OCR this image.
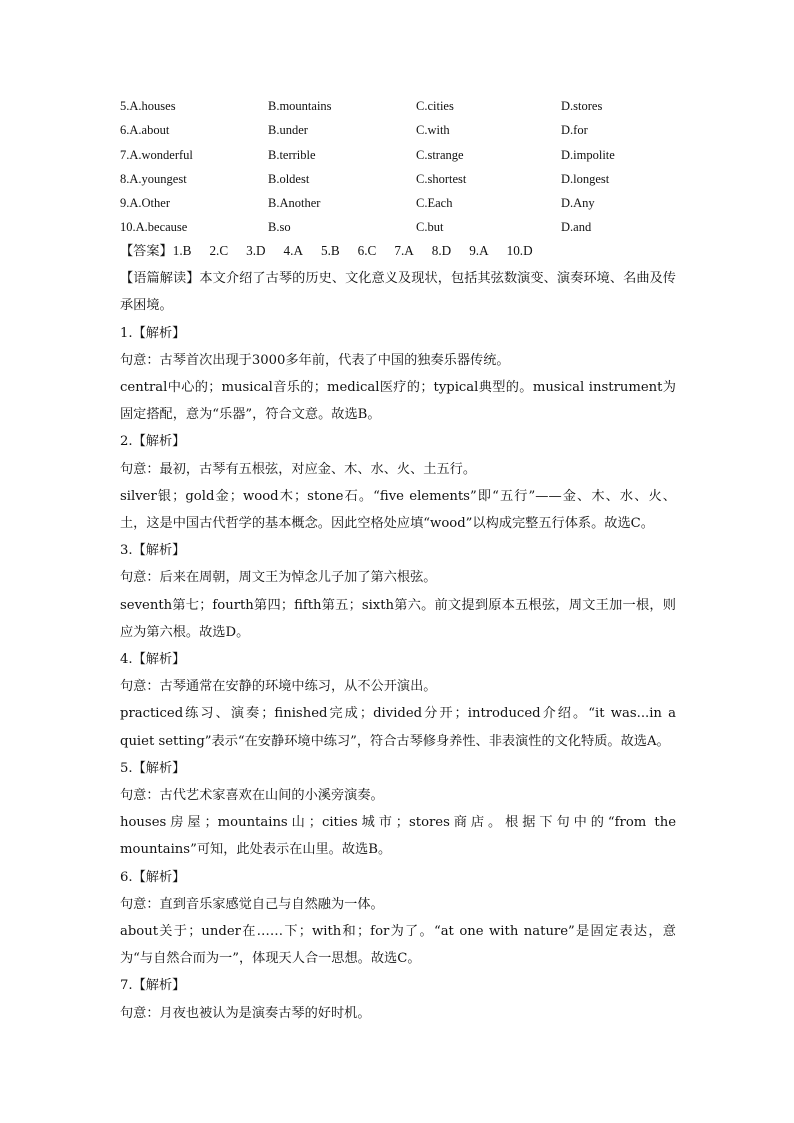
5.A.houses	B.mountains	C.cities	D.stores
6.A.about	B.under	C.with	D.for
7.A.wonderful	B.terrible	C.strange	D.impolite
8.A.youngest	B.oldest	C.shortest	D.longest
9.A.Other	B.Another	C.Each	D.Any
10.A.because	B.so	C.but	D.and

【答案】1.B 2.C 3.D 4.A 5.B 6.C 7.A 8.D 9.A 10.D

【语篇解读】本文介绍了古琴的历史、文化意义及现状，包括其弦数演变、演奏环境、名曲及传承困境。

1.【解析】

句意：古琴首次出现于3000多年前，代表了中国的独奏乐器传统。

central中心的；musical音乐的；medical医疗的；typical典型的。musical instrument为固定搭配，意为“乐器”，符合文意。故选B。

2.【解析】

句意：最初，古琴有五根弦，对应金、木、水、火、土五行。

silver银；gold金；wood木；stone石。“five elements”即“五行”——金、木、水、火、土，这是中国古代哲学的基本概念。因此空格处应填“wood”以构成完整五行体系。故选C。

3.【解析】

句意：后来在周朝，周文王为悼念儿子加了第六根弦。

seventh第七；fourth第四；fifth第五；sixth第六。前文提到原本五根弦，周文王加一根，则应为第六根。故选D。

4.【解析】

句意：古琴通常在安静的环境中练习，从不公开演出。

practiced练习、演奏；finished完成；divided分开；introduced介绍。“it was...in a quiet setting”表示“在安静环境中练习”，符合古琴修身养性、非表演性的文化特质。故选A。

5.【解析】

句意：古代艺术家喜欢在山间的小溪旁演奏。

houses房屋；mountains山；cities城市；stores商店。根据下句中的“from the mountains”可知，此处表示在山里。故选B。

6.【解析】

句意：直到音乐家感觉自己与自然融为一体。

about关于；under在……下；with和；for为了。“at one with nature”是固定表达，意为“与自然合而为一”，体现天人合一思想。故选C。

7.【解析】

句意：月夜也被认为是演奏古琴的好时机。
